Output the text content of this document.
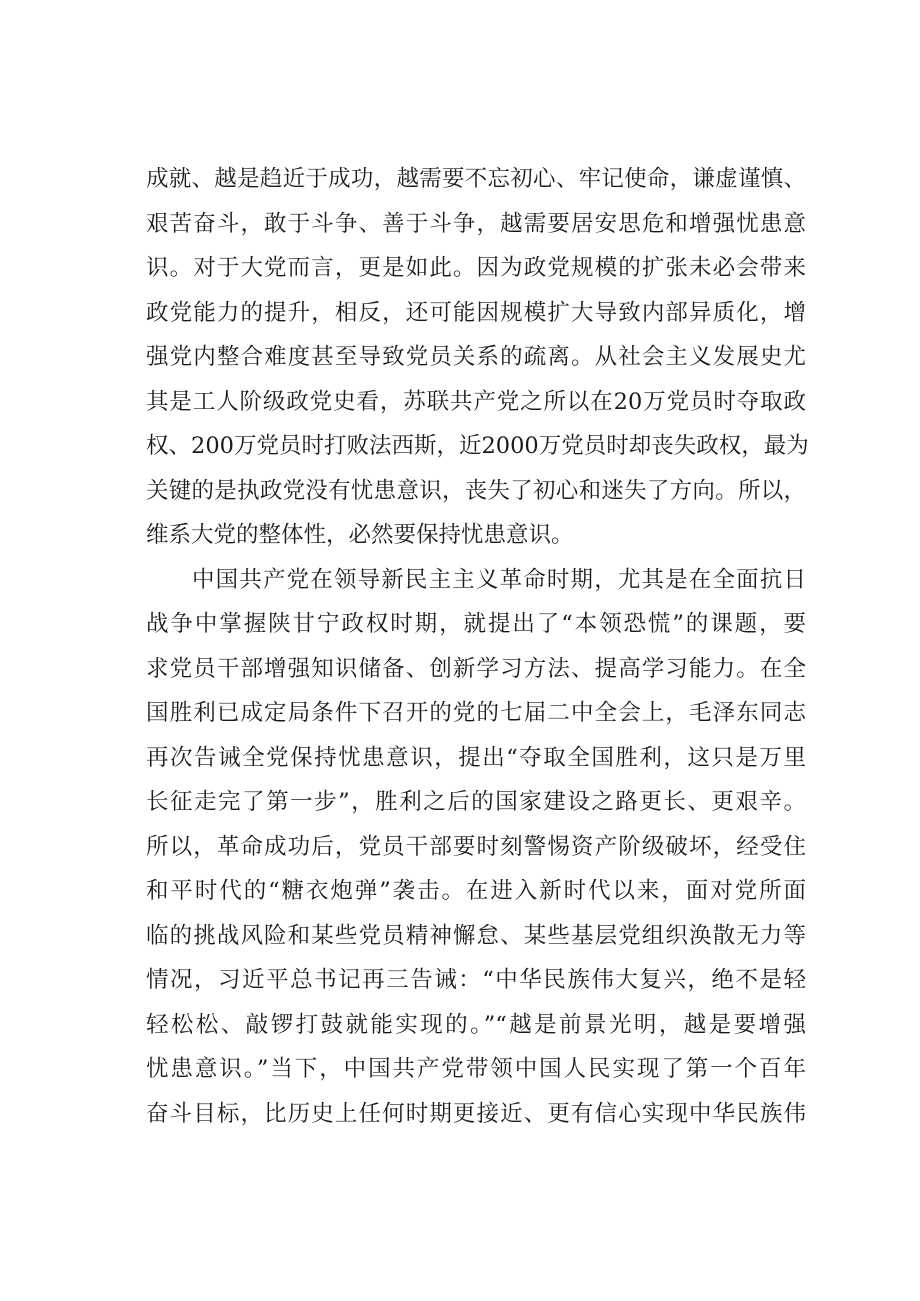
成就、越是趋近于成功，越需要不忘初心、牢记使命，谦虚谨慎、
艰苦奋斗，敢于斗争、善于斗争，越需要居安思危和增强忧患意
识。对于大党而言，更是如此。因为政党规模的扩张未必会带来
政党能力的提升，相反，还可能因规模扩大导致内部异质化，增
强党内整合难度甚至导致党员关系的疏离。从社会主义发展史尤
其是工人阶级政党史看，苏联共产党之所以在20万党员时夺取政
权、200万党员时打败法西斯，近2000万党员时却丧失政权，最为
关键的是执政党没有忧患意识，丧失了初心和迷失了方向。所以，
维系大党的整体性，必然要保持忧患意识。
中国共产党在领导新民主主义革命时期，尤其是在全面抗日
战争中掌握陕甘宁政权时期，就提出了“本领恐慌”的课题，要
求党员干部增强知识储备、创新学习方法、提高学习能力。在全
国胜利已成定局条件下召开的党的七届二中全会上，毛泽东同志
再次告诫全党保持忧患意识，提出“夺取全国胜利，这只是万里
长征走完了第一步”，胜利之后的国家建设之路更长、更艰辛。
所以，革命成功后，党员干部要时刻警惕资产阶级破坏，经受住
和平时代的“糖衣炮弹”袭击。在进入新时代以来，面对党所面
临的挑战风险和某些党员精神懈怠、某些基层党组织涣散无力等
情况，习近平总书记再三告诫：“中华民族伟大复兴，绝不是轻
轻松松、敲锣打鼓就能实现的。”“越是前景光明，越是要增强
忧患意识。”当下，中国共产党带领中国人民实现了第一个百年
奋斗目标，比历史上任何时期更接近、更有信心实现中华民族伟
